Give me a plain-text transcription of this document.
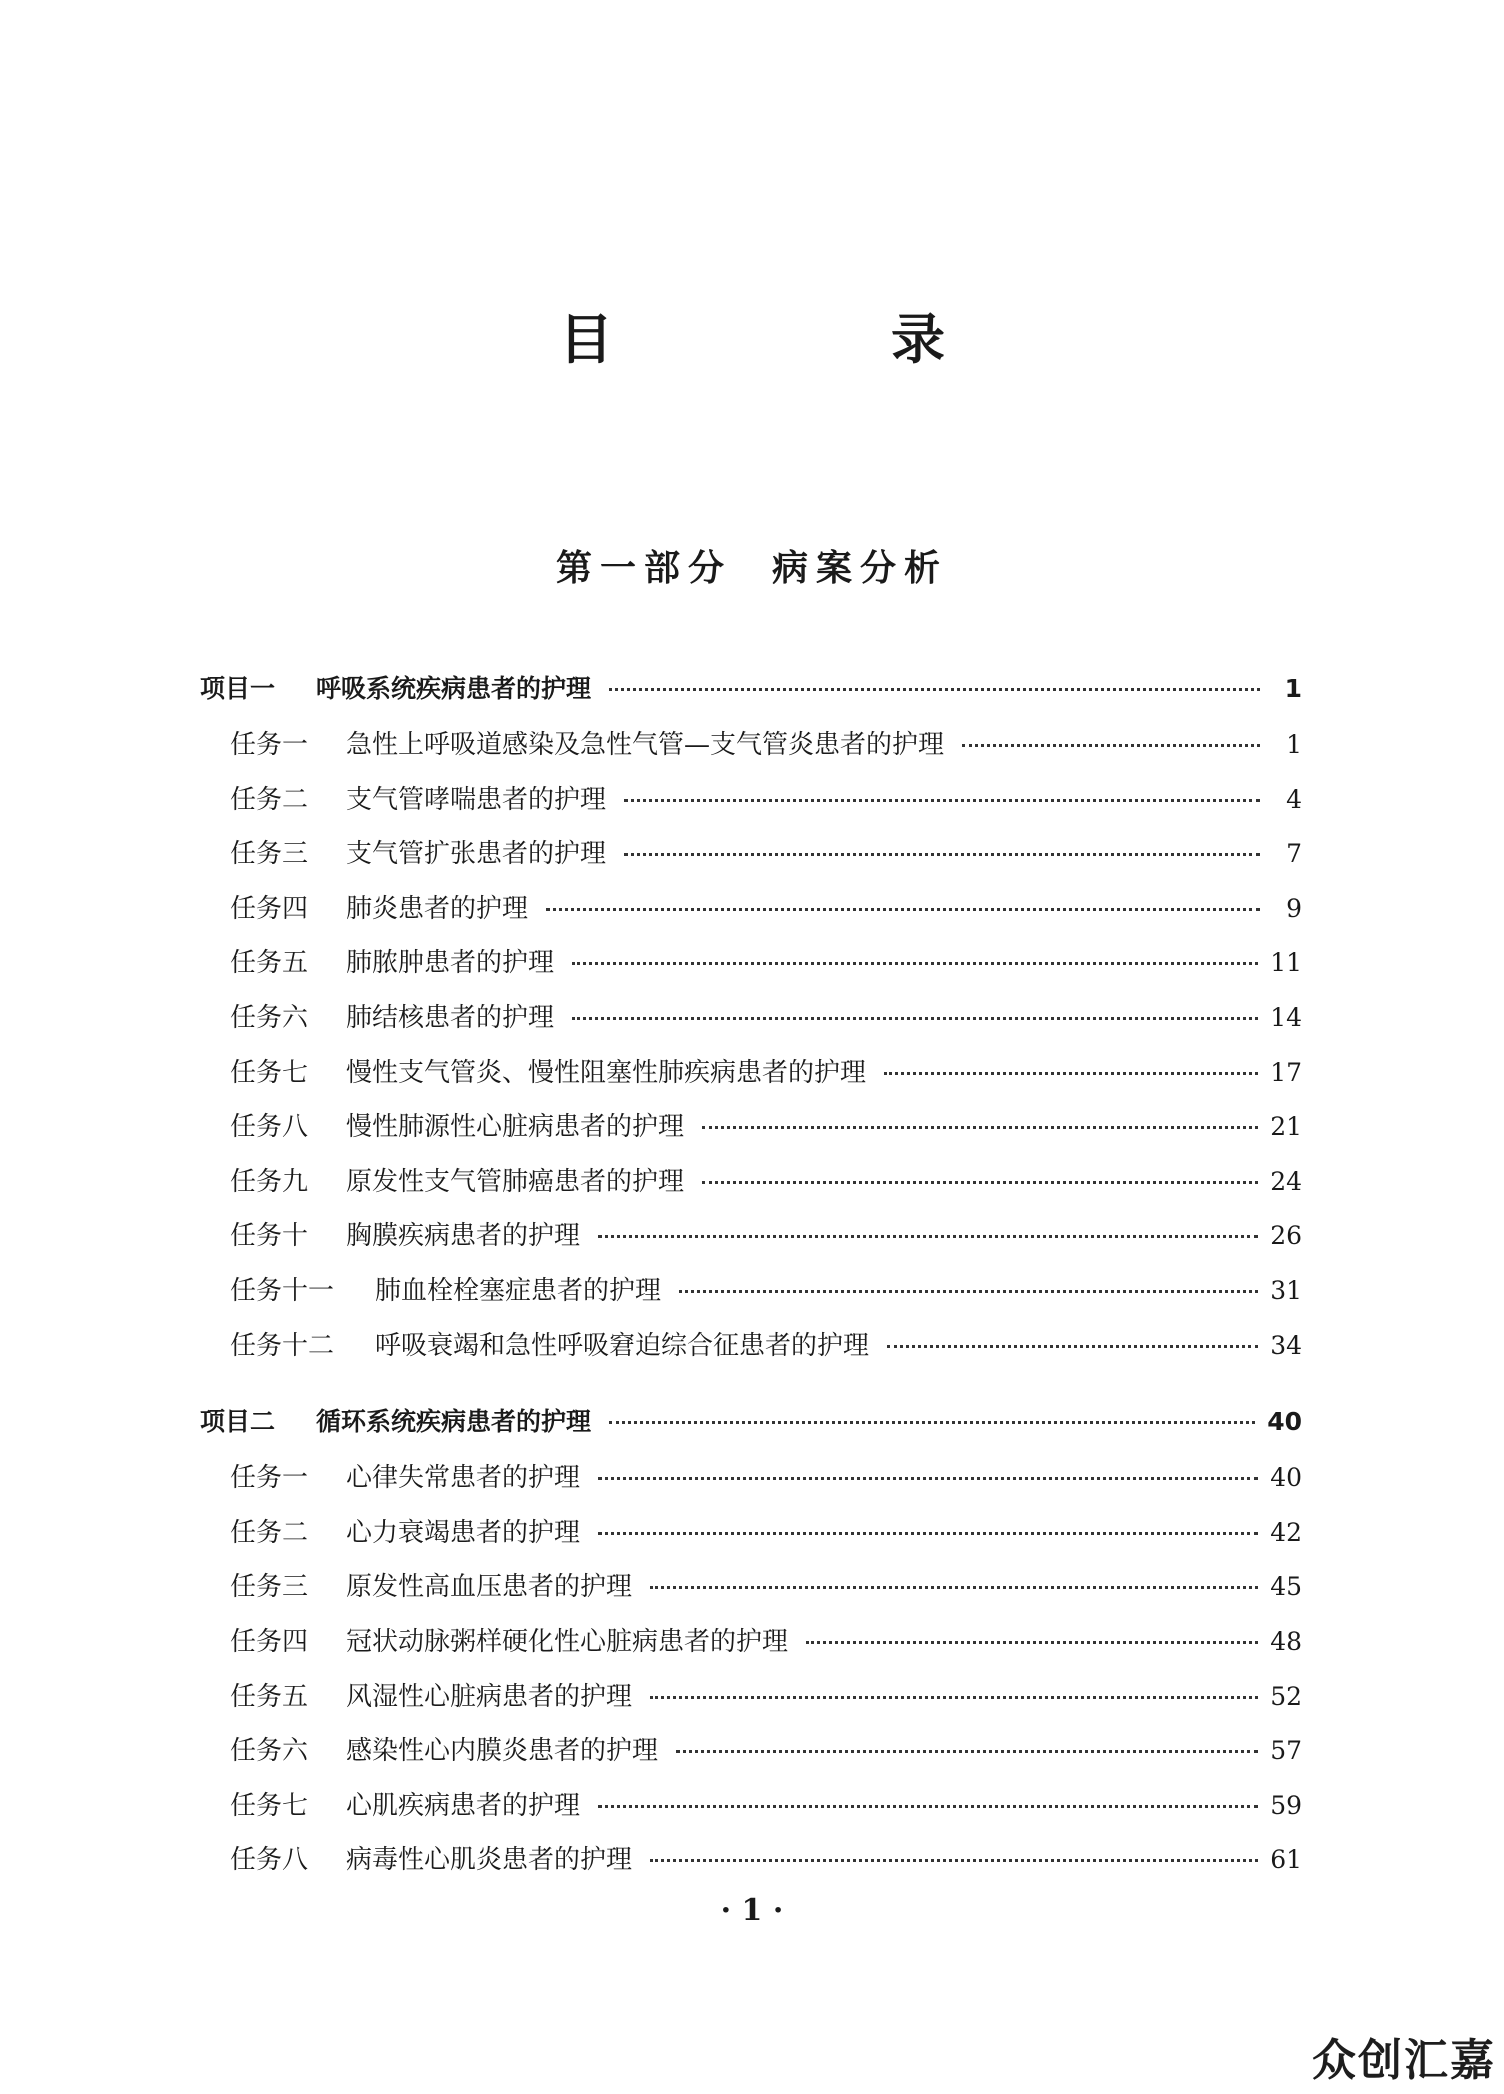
目　录
第一部分 病案分析
项目一	呼吸系统疾病患者的护理	1
任务一	急性上呼吸道感染及急性气管—支气管炎患者的护理	1
任务二	支气管哮喘患者的护理	4
任务三	支气管扩张患者的护理	7
任务四	肺炎患者的护理	9
任务五	肺脓肿患者的护理	11
任务六	肺结核患者的护理	14
任务七	慢性支气管炎、慢性阻塞性肺疾病患者的护理	17
任务八	慢性肺源性心脏病患者的护理	21
任务九	原发性支气管肺癌患者的护理	24
任务十	胸膜疾病患者的护理	26
任务十一	肺血栓栓塞症患者的护理	31
任务十二	呼吸衰竭和急性呼吸窘迫综合征患者的护理	34
项目二	循环系统疾病患者的护理	40
任务一	心律失常患者的护理	40
任务二	心力衰竭患者的护理	42
任务三	原发性高血压患者的护理	45
任务四	冠状动脉粥样硬化性心脏病患者的护理	48
任务五	风湿性心脏病患者的护理	52
任务六	感染性心内膜炎患者的护理	57
任务七	心肌疾病患者的护理	59
任务八	病毒性心肌炎患者的护理	61
· 1 ·
众创汇嘉
